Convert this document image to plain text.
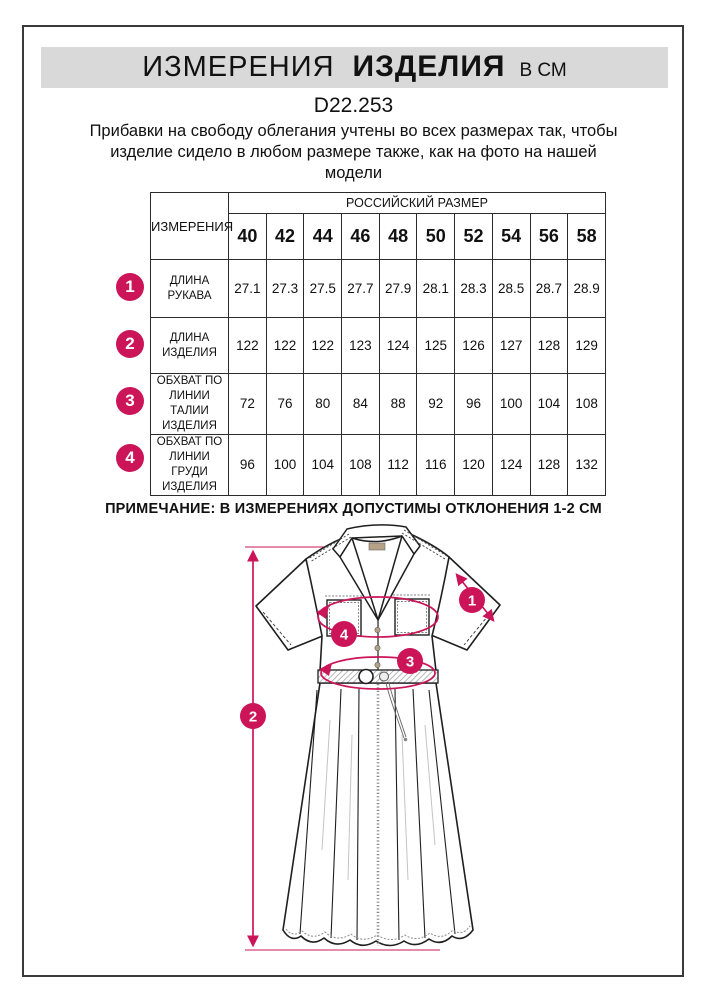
ИЗМЕРЕНИЯ ИЗДЕЛИЯ В СМ
D22.253
Прибавки на свободу облегания учтены во всех размерах так, чтобы изделие сидело в любом размере также, как на фото на нашей модели
ИЗМЕРЕНИЯ	РОССИЙСКИЙ РАЗМЕР									
	40	42	44	46	48	50	52	54	56	58
ДЛИНА РУКАВА	27.1	27.3	27.5	27.7	27.9	28.1	28.3	28.5	28.7	28.9
ДЛИНА ИЗДЕЛИЯ	122	122	122	123	124	125	126	127	128	129
ОБХВАТ ПО ЛИНИИ ТАЛИИ ИЗДЕЛИЯ	72	76	80	84	88	92	96	100	104	108
ОБХВАТ ПО ЛИНИИ ГРУДИ ИЗДЕЛИЯ	96	100	104	108	112	116	120	124	128	132
1
2
3
4
ПРИМЕЧАНИЕ: В ИЗМЕРЕНИЯХ ДОПУСТИМЫ ОТКЛОНЕНИЯ 1-2 СМ
1
2
3
4
